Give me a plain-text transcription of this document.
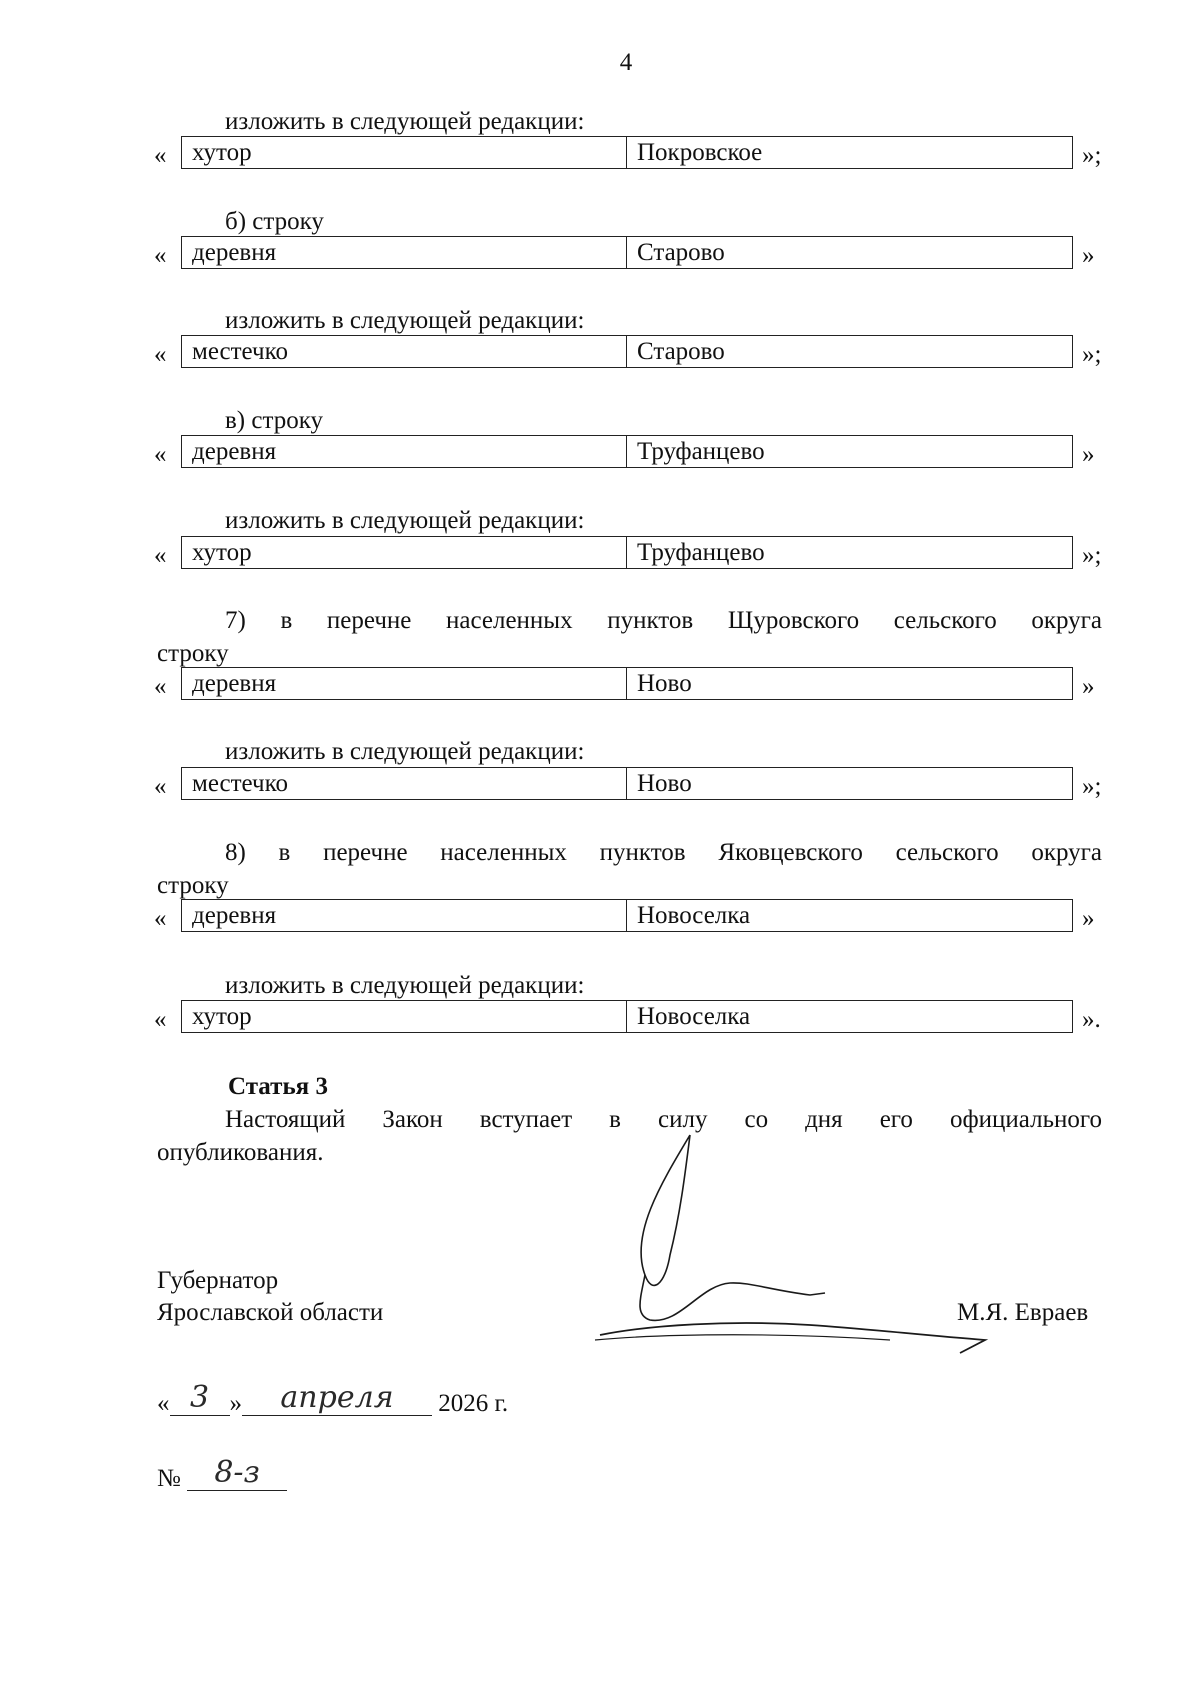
4
изложить в следующей редакции:
«	хутор	Покровское	»;
б) строку
«	деревня	Старово	»
изложить в следующей редакции:
«	местечко	Старово	»;
в) строку
«	деревня	Труфанцево	»
изложить в следующей редакции:
«	хутор	Труфанцево	»;
7) в перечне населенных пунктов Щуровского сельского округа
строку
«	деревня	Ново	»
изложить в следующей редакции:
«	местечко	Ново	»;
8) в перечне населенных пунктов Яковцевского сельского округа
строку
«	деревня	Новоселка	»
изложить в следующей редакции:
«	хутор	Новоселка	».
Статья 3
Настоящий Закон вступает в силу со дня его официального
опубликования.
Губернатор
Ярославской области	М.Я. Евраев
« 3 »	апреля	2026 г.
№	8-з
